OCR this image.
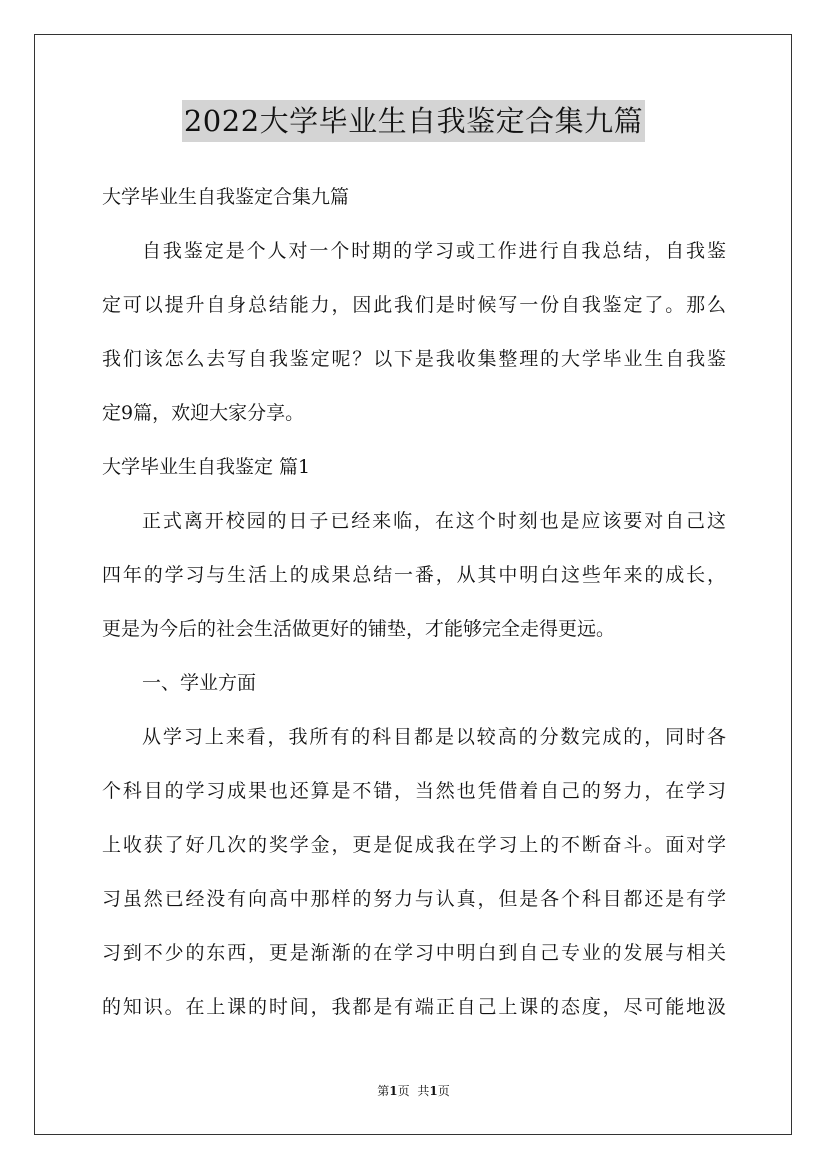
2022大学毕业生自我鉴定合集九篇
大学毕业生自我鉴定合集九篇
自我鉴定是个人对一个时期的学习或工作进行自我总结，自我鉴
定可以提升自身总结能力，因此我们是时候写一份自我鉴定了。那么
我们该怎么去写自我鉴定呢？以下是我收集整理的大学毕业生自我鉴
定9篇，欢迎大家分享。
大学毕业生自我鉴定 篇1
正式离开校园的日子已经来临，在这个时刻也是应该要对自己这
四年的学习与生活上的成果总结一番，从其中明白这些年来的成长，
更是为今后的社会生活做更好的铺垫，才能够完全走得更远。
一、学业方面
从学习上来看，我所有的科目都是以较高的分数完成的，同时各
个科目的学习成果也还算是不错，当然也凭借着自己的努力，在学习
上收获了好几次的奖学金，更是促成我在学习上的不断奋斗。面对学
习虽然已经没有向高中那样的努力与认真，但是各个科目都还是有学
习到不少的东西，更是渐渐的在学习中明白到自己专业的发展与相关
的知识。在上课的时间，我都是有端正自己上课的态度，尽可能地汲
第1页 共1页
